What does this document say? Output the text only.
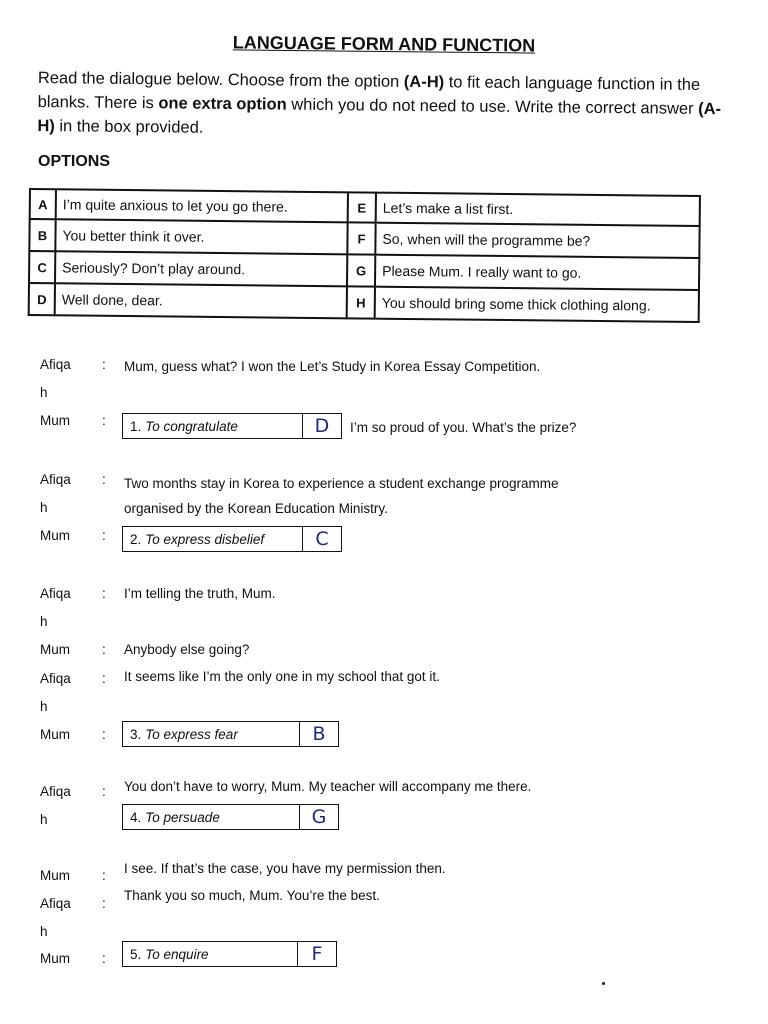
LANGUAGE FORM AND FUNCTION
Read the dialogue below. Choose from the option (A-H) to fit each language function in the blanks. There is one extra option which you do not need to use. Write the correct answer (A-H) in the box provided.
OPTIONS
A	I’m quite anxious to let you go there.	E	Let’s make a list first.
B	You better think it over.	F	So, when will the programme be?
C	Seriously? Don’t play around.	G	Please Mum. I really want to go.
D	Well done, dear.	H	You should bring some thick clothing along.
Afiqa : Mum, guess what? I won the Let’s Study in Korea Essay Competition.
h
Mum : 1. To congratulate	D	I’m so proud of you. What’s the prize?
Afiqa : Two months stay in Korea to experience a student exchange programme
h	organised by the Korean Education Ministry.
Mum : 2. To express disbelief	C
Afiqa : I’m telling the truth, Mum.
h
Mum : Anybody else going?
Afiqa : It seems like I’m the only one in my school that got it.
h
Mum : 3. To express fear	B
Afiqa : You don’t have to worry, Mum. My teacher will accompany me there.
h	4. To persuade	G
Mum : I see. If that’s the case, you have my permission then.
Afiqa :
Thank you so much, Mum. You’re the best.
h
Mum : 5. To enquire	F
